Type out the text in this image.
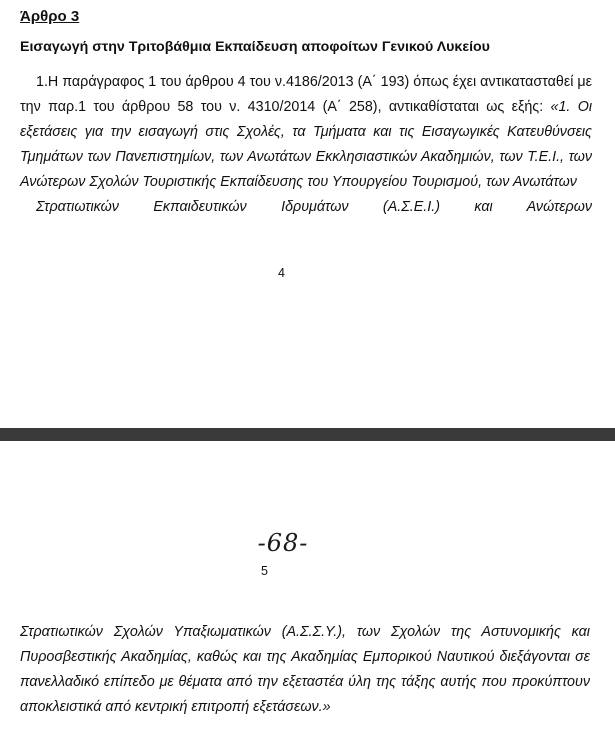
Άρθρο 3
Εισαγωγή στην Τριτοβάθμια Εκπαίδευση αποφοίτων Γενικού Λυκείου

1.Η παράγραφος 1 του άρθρου 4 του ν.4186/2013 (Α΄ 193) όπως έχει αντικατασταθεί με την παρ.1 του άρθρου 58 του ν. 4310/2014 (Α΄ 258), αντικαθίσταται ως εξής: «1. Οι εξετάσεις για την εισαγωγή στις Σχολές, τα Τμήματα και τις Εισαγωγικές Κατευθύνσεις Τμημάτων των Πανεπιστημίων, των Ανωτάτων Εκκλησιαστικών Ακαδημιών, των Τ.Ε.Ι., των Ανώτερων Σχολών Τουριστικής Εκπαίδευσης του Υπουργείου Τουρισμού, των Ανωτάτων
Στρατιωτικών Εκπαιδευτικών Ιδρυμάτων (Α.Σ.Ε.Ι.) και Ανώτερων

4
-68-
5

Στρατιωτικών Σχολών Υπαξιωματικών (Α.Σ.Σ.Υ.), των Σχολών της Αστυνομικής και Πυροσβεστικής Ακαδημίας, καθώς και της Ακαδημίας Εμπορικού Ναυτικού διεξάγονται σε πανελλαδικό επίπεδο με θέματα από την εξεταστέα ύλη της τάξης αυτής που προκύπτουν αποκλειστικά από κεντρική επιτροπή εξετάσεων.»
